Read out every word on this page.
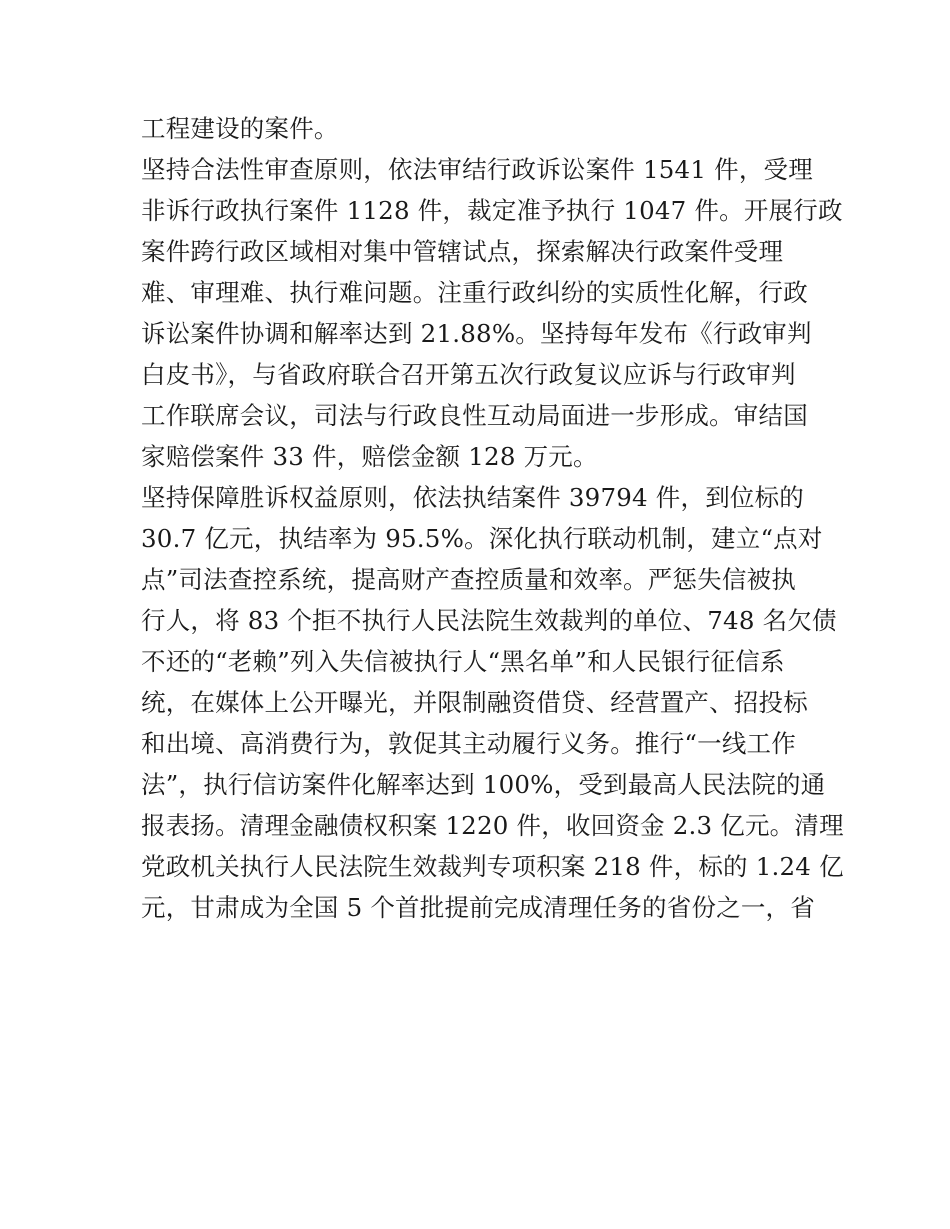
工程建设的案件。
坚持合法性审查原则，依法审结行政诉讼案件 1541 件，受理
非诉行政执行案件 1128 件，裁定准予执行 1047 件。开展行政
案件跨行政区域相对集中管辖试点，探索解决行政案件受理
难、审理难、执行难问题。注重行政纠纷的实质性化解，行政
诉讼案件协调和解率达到 21.88%。坚持每年发布《行政审判
白皮书》，与省政府联合召开第五次行政复议应诉与行政审判
工作联席会议，司法与行政良性互动局面进一步形成。审结国
家赔偿案件 33 件，赔偿金额 128 万元。
坚持保障胜诉权益原则，依法执结案件 39794 件，到位标的
30.7 亿元，执结率为 95.5%。深化执行联动机制，建立“点对
点”司法查控系统，提高财产查控质量和效率。严惩失信被执
行人，将 83 个拒不执行人民法院生效裁判的单位、748 名欠债
不还的“老赖”列入失信被执行人“黑名单”和人民银行征信系
统，在媒体上公开曝光，并限制融资借贷、经营置产、招投标
和出境、高消费行为，敦促其主动履行义务。推行“一线工作
法”，执行信访案件化解率达到 100%，受到最高人民法院的通
报表扬。清理金融债权积案 1220 件，收回资金 2.3 亿元。清理
党政机关执行人民法院生效裁判专项积案 218 件，标的 1.24 亿
元，甘肃成为全国 5 个首批提前完成清理任务的省份之一，省
